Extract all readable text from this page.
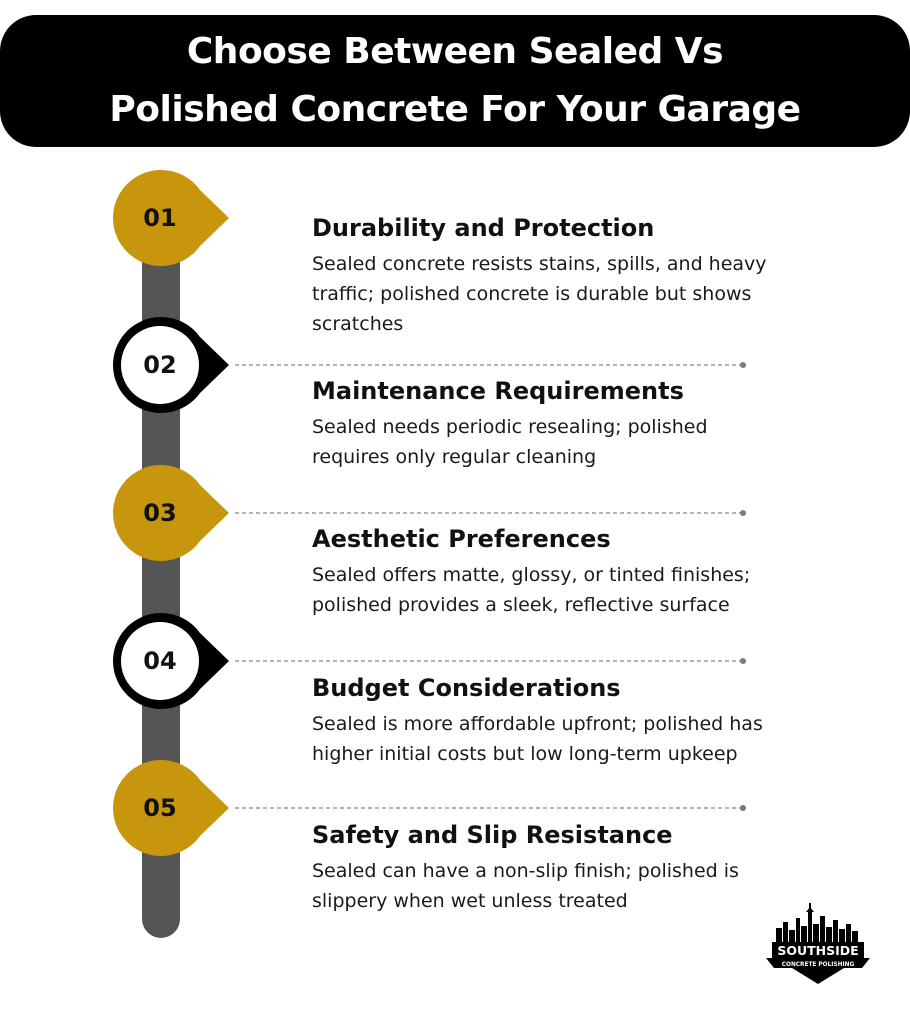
Choose Between Sealed Vs
Polished Concrete For Your Garage
01
02
03
04
05
Durability and Protection
Sealed concrete resists stains, spills, and heavy traffic; polished concrete is durable but shows scratches
Maintenance Requirements
Sealed needs periodic resealing; polished requires only regular cleaning
Aesthetic Preferences
Sealed offers matte, glossy, or tinted finishes; polished provides a sleek, reflective surface
Budget Considerations
Sealed is more affordable upfront; polished has higher initial costs but low long-term upkeep
Safety and Slip Resistance
Sealed can have a non-slip finish; polished is slippery when wet unless treated
SOUTHSIDE
CONCRETE POLISHING
